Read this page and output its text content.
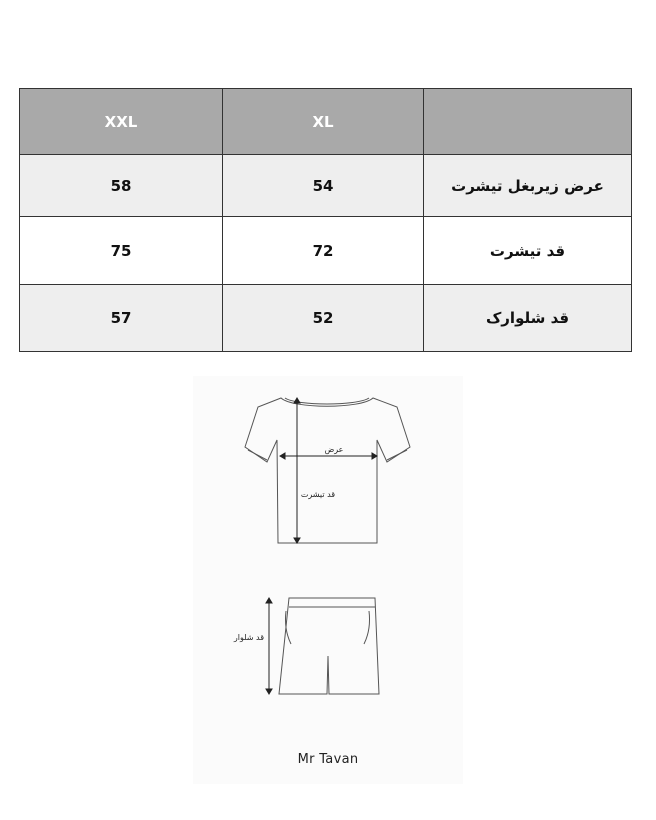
XXL	XL	
58	54	عرض زیربغل تیشرت
75	72	قد تیشرت
57	52	قد شلوارک
عرض
قد تیشرت
قد شلوار
Mr Tavan
